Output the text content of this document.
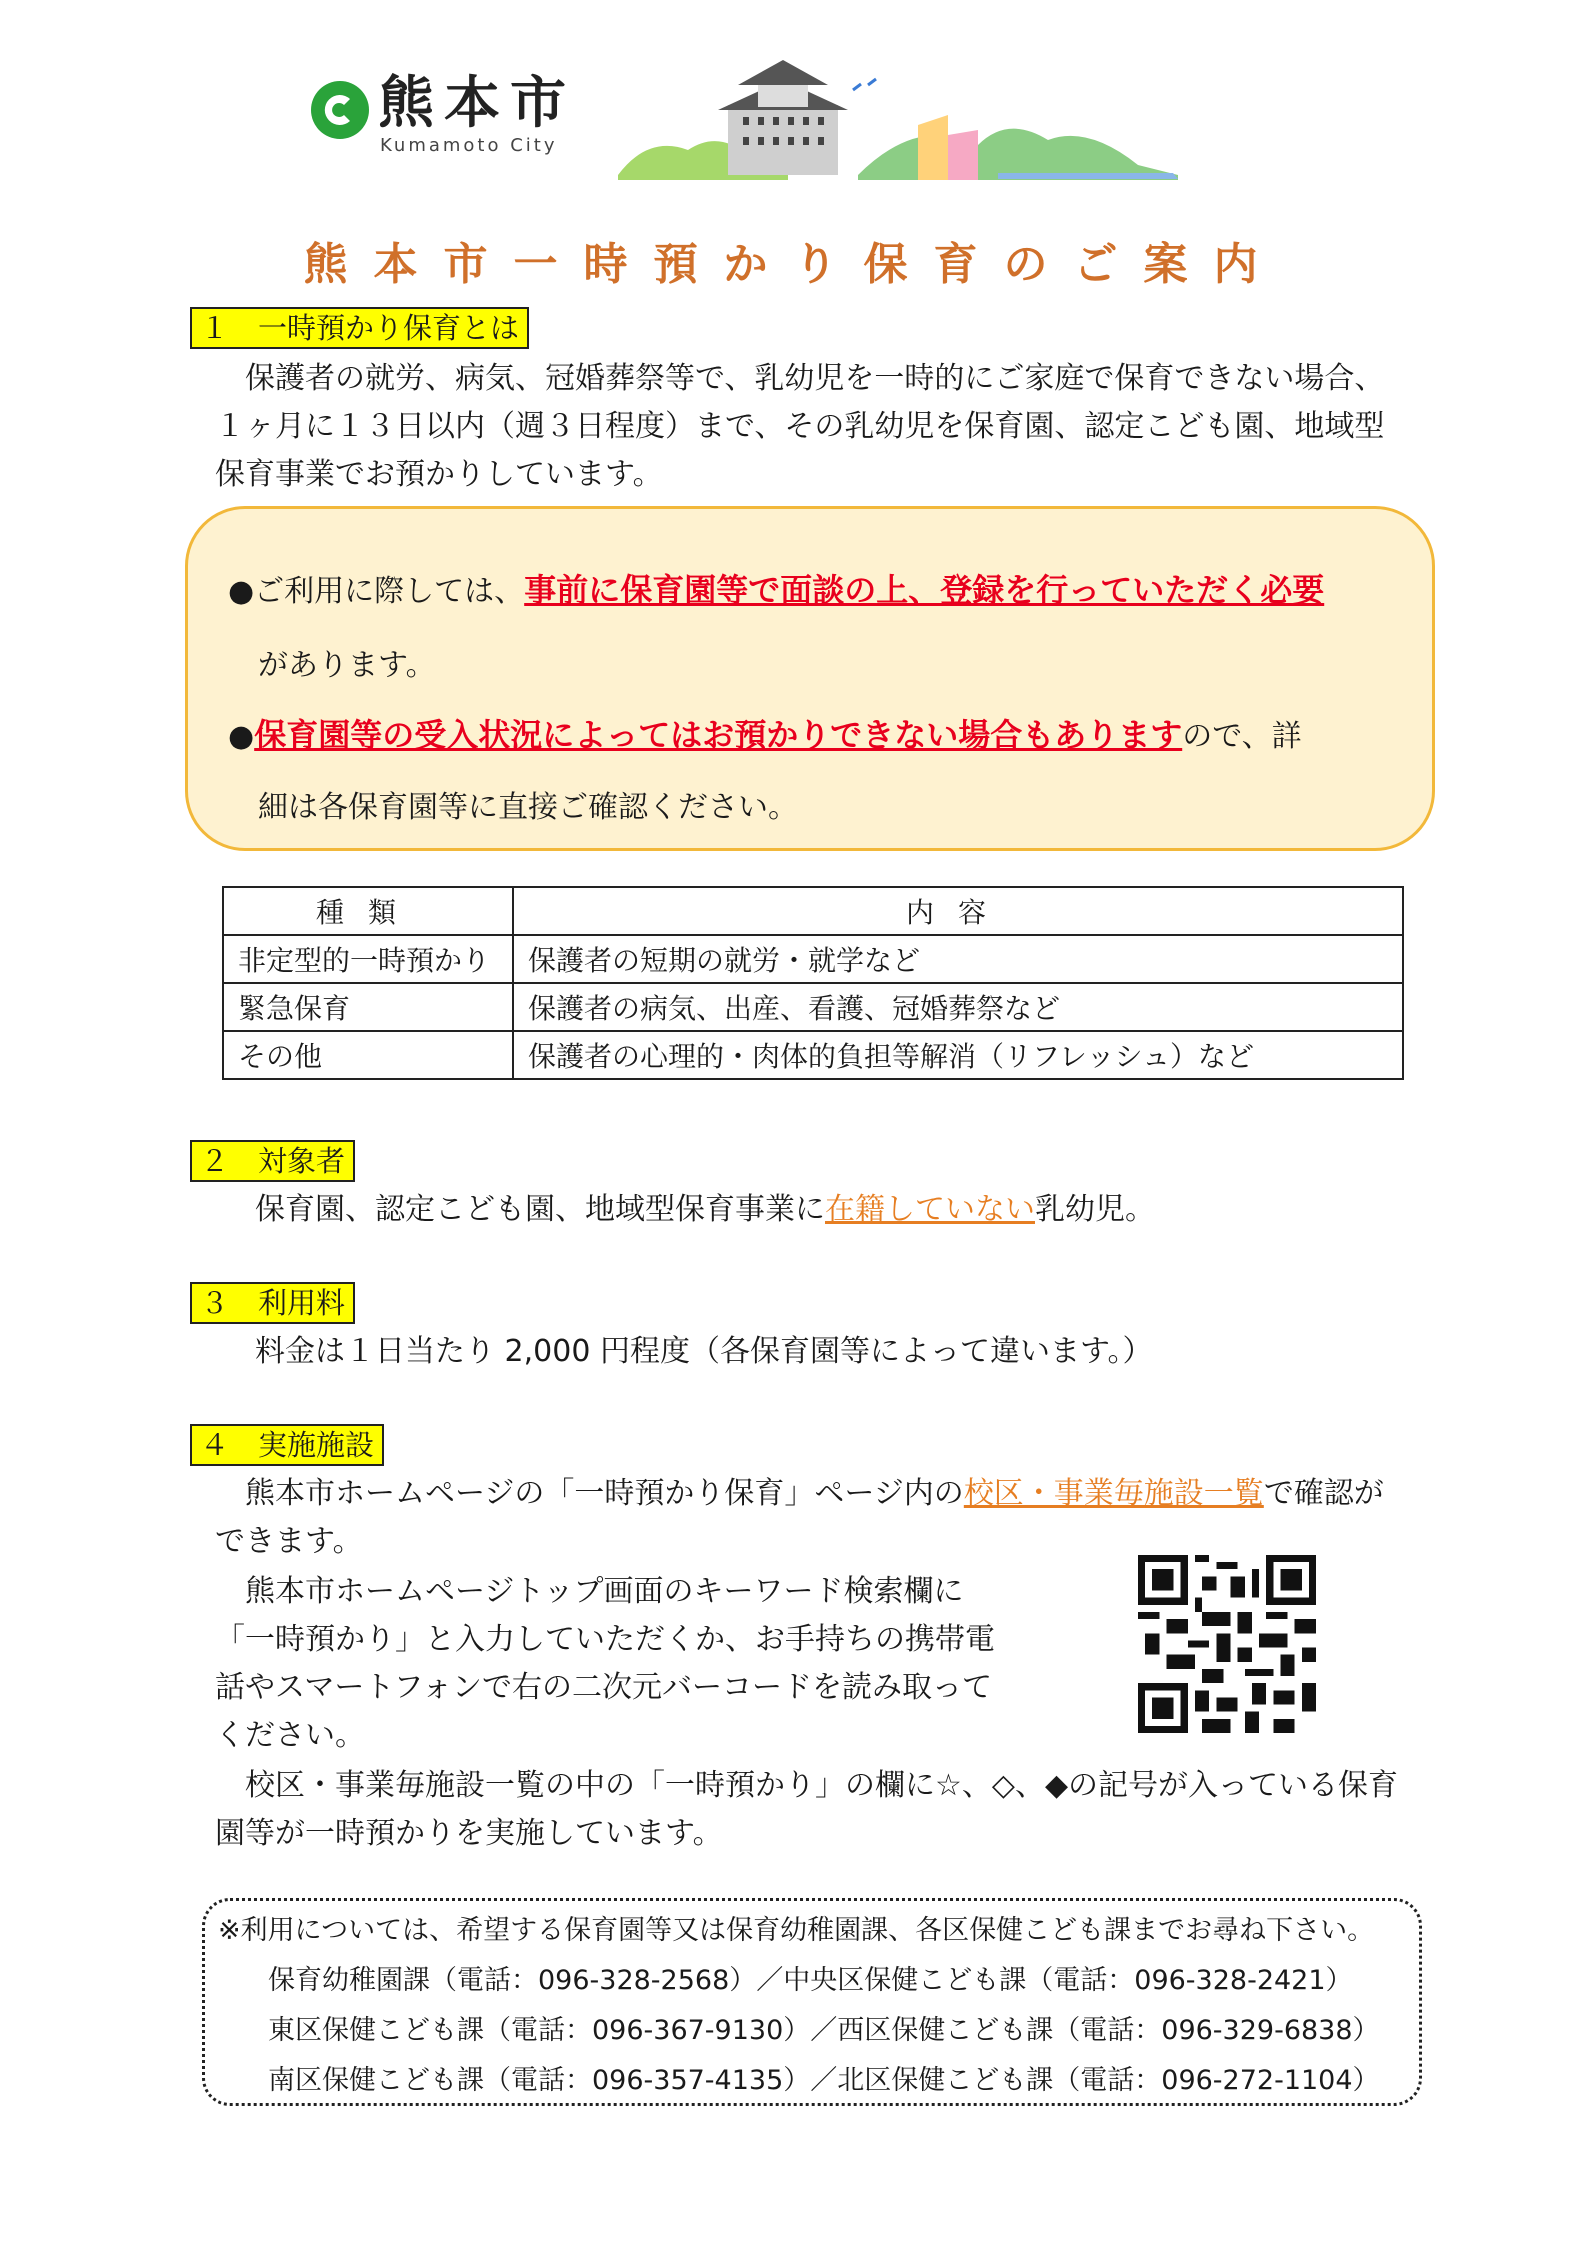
熊本市
Kumamoto City
熊本市一時預かり保育のご案内
１　一時預かり保育とは
保護者の就労、病気、冠婚葬祭等で、乳幼児を一時的にご家庭で保育できない場合、１ヶ月に１３日以内（週３日程度）まで、その乳幼児を保育園、認定こども園、地域型保育事業でお預かりしています。
●ご利用に際しては、事前に保育園等で面談の上、登録を行っていただく必要
があります。
●保育園等の受入状況によってはお預かりできない場合もありますので、詳
細は各保育園等に直接ご確認ください。
種類	内容
非定型的一時預かり	保護者の短期の就労・就学など
緊急保育	保護者の病気、出産、看護、冠婚葬祭など
その他	保護者の心理的・肉体的負担等解消（リフレッシュ）など
２　対象者
保育園、認定こども園、地域型保育事業に在籍していない乳幼児。
３　利用料
料金は１日当たり 2,000 円程度（各保育園等によって違います。）
４　実施施設
熊本市ホームページの「一時預かり保育」ページ内の校区・事業毎施設一覧で確認ができます。
熊本市ホームページトップ画面のキーワード検索欄に「一時預かり」と入力していただくか、お手持ちの携帯電話やスマートフォンで右の二次元バーコードを読み取ってください。
校区・事業毎施設一覧の中の「一時預かり」の欄に☆、◇、◆の記号が入っている保育園等が一時預かりを実施しています。
※利用については、希望する保育園等又は保育幼稚園課、各区保健こども課までお尋ね下さい。
保育幼稚園課（電話：096-328-2568）／中央区保健こども課（電話：096-328-2421）
東区保健こども課（電話：096-367-9130）／西区保健こども課（電話：096-329-6838）
南区保健こども課（電話：096-357-4135）／北区保健こども課（電話：096-272-1104）
